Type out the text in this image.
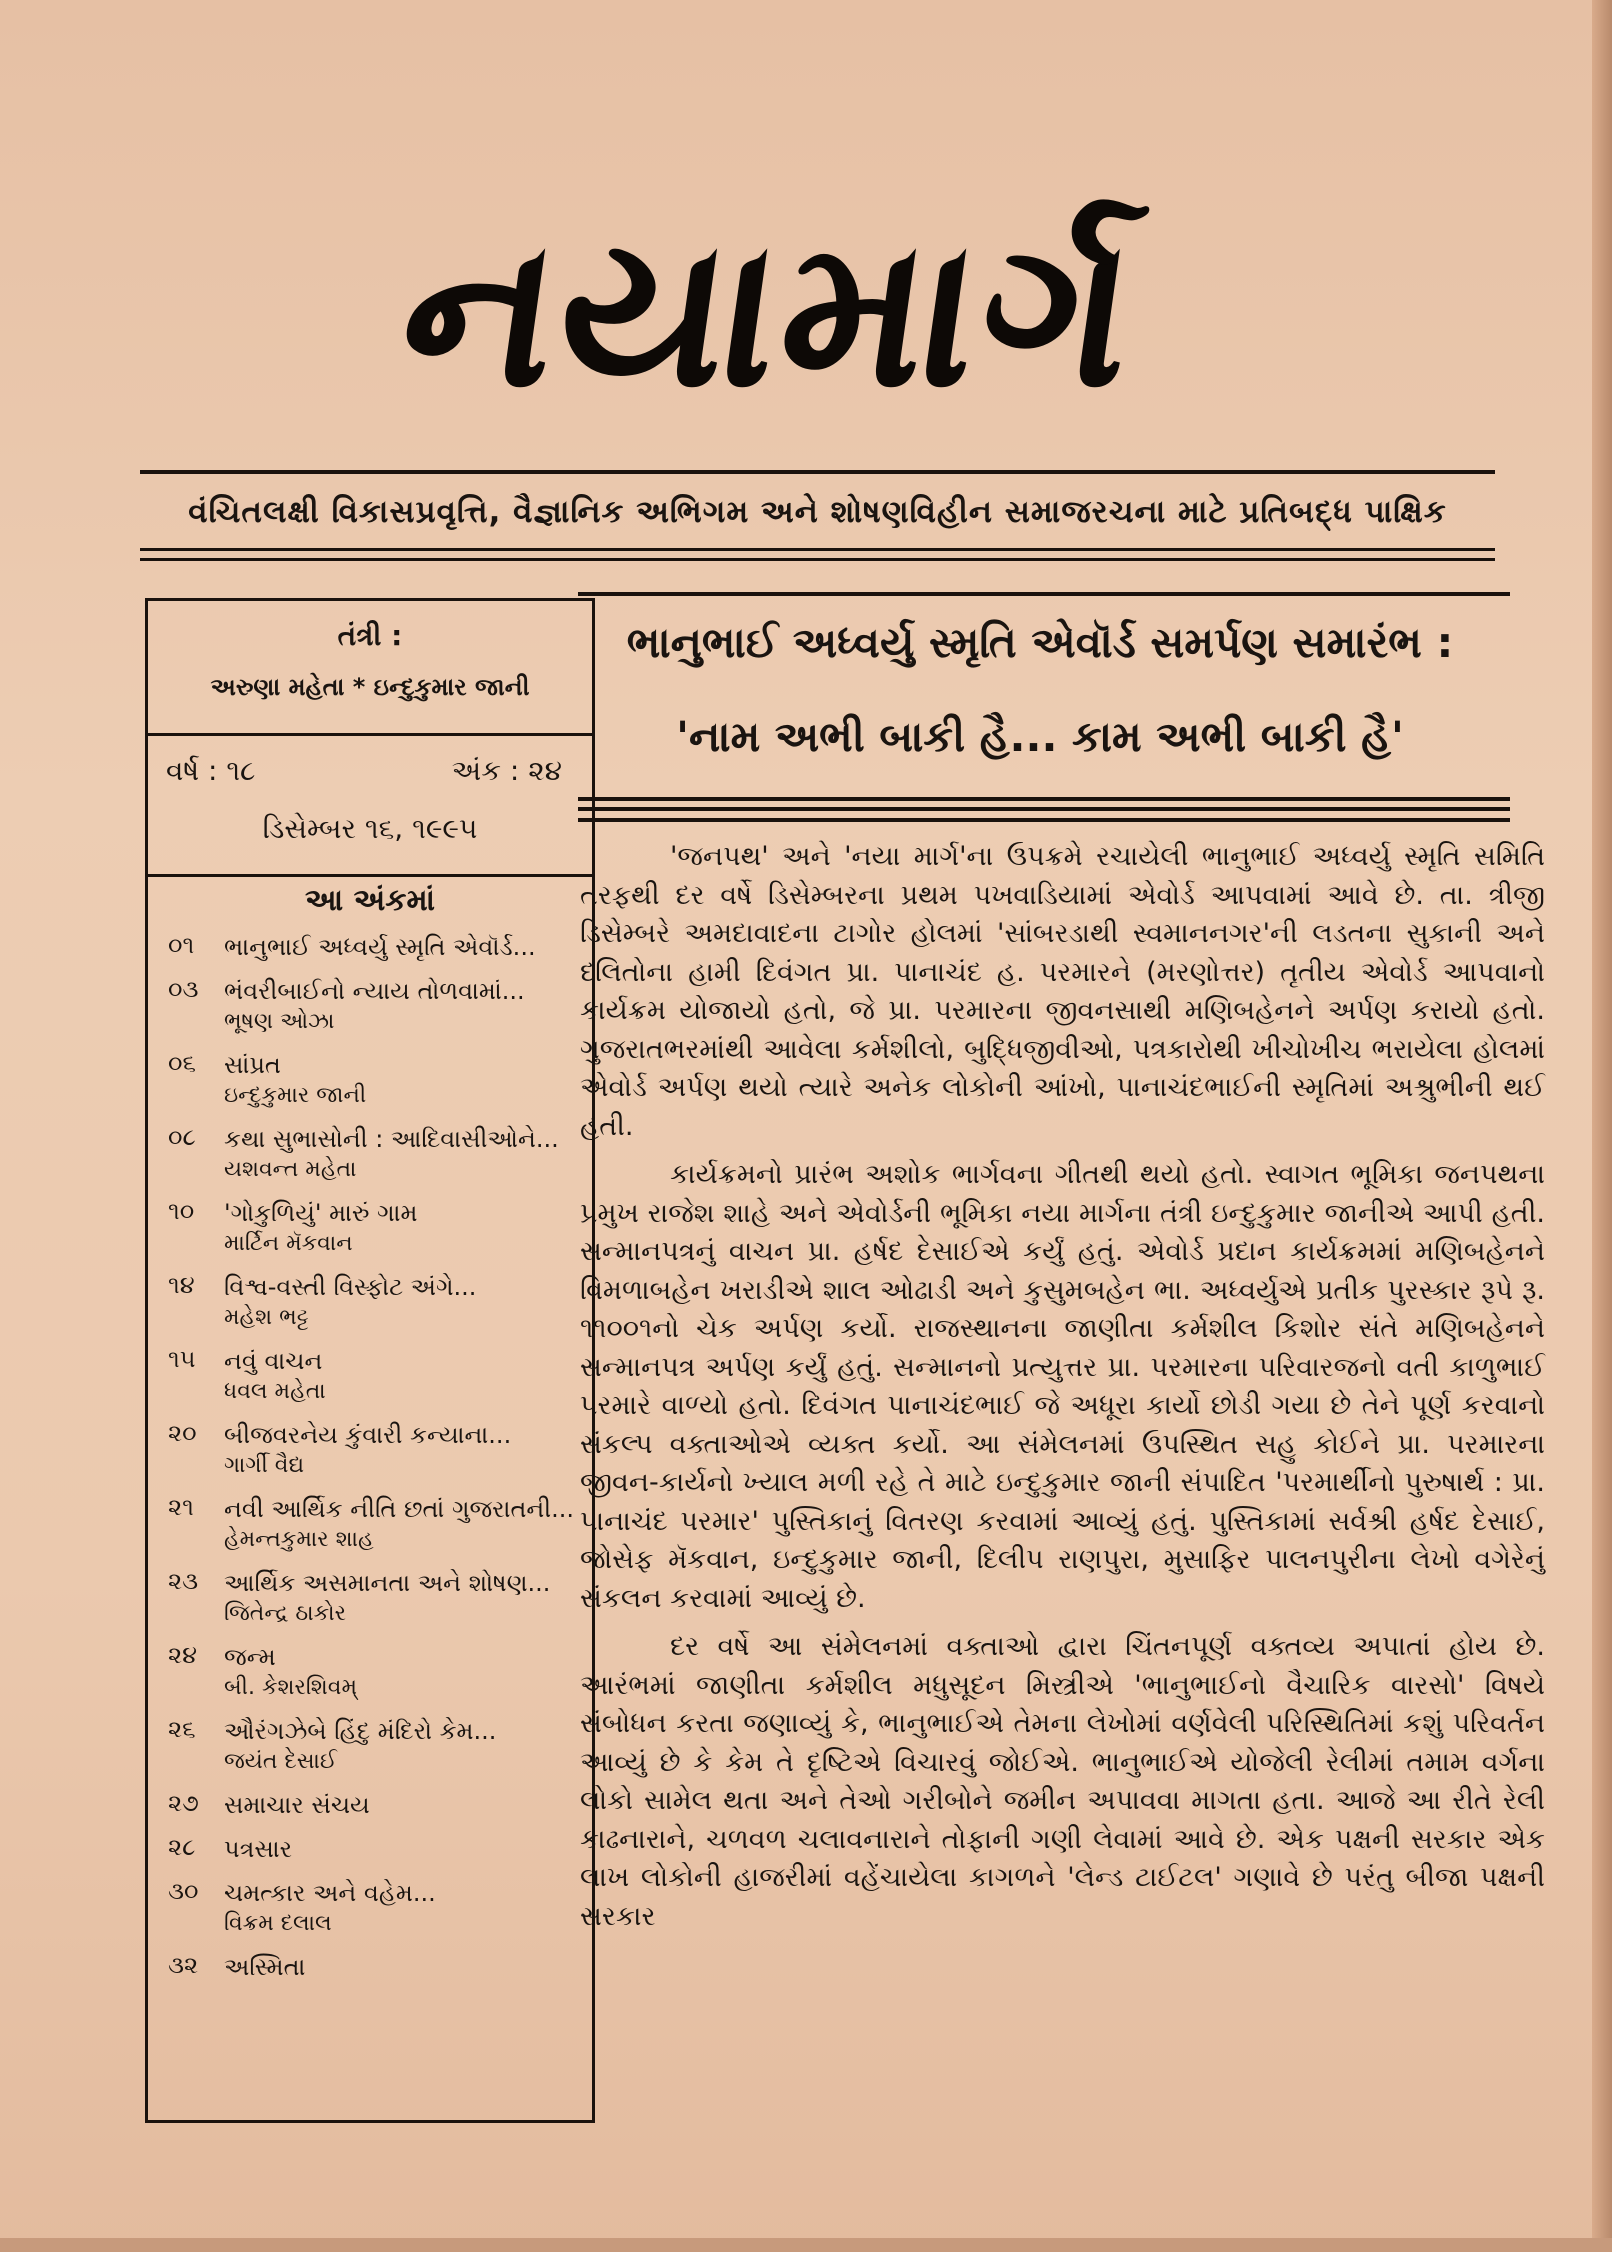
નયામાર્ગ
વંચિતલક્ષી વિકાસપ્રવૃત્તિ, વૈજ્ઞાનિક અભિગમ અને શોષણવિહીન સમાજરચના માટે પ્રતિબદ્ધ પાક્ષિક
તંત્રી :
અરુણા મહેતા * ઇન્દુકુમાર જાની
વર્ષ : ૧૮	અંક : ૨૪
ડિસેમ્બર ૧૬, ૧૯૯૫
આ અંકમાં
૦૧	ભાનુભાઈ અધ્વર્યુ સ્મૃતિ એવૉર્ડ...
૦૩	ભંવરીબાઈનો ન્યાય તોળવામાં...
ભૂષણ ઓઝા
૦૬	સાંપ્રત
ઇન્દુકુમાર જાની
૦૮	કથા સુભાસોની : આદિવાસીઓને...
યશવન્ત મહેતા
૧૦	'ગોકુળિયું' મારું ગામ
માર્ટિન મૅકવાન
૧૪	વિશ્વ-વસ્તી વિસ્ફોટ અંગે...
મહેશ ભટ્ટ
૧૫	નવું વાચન
ધવલ મહેતા
૨૦	બીજવરનેય કુંવારી કન્યાના...
ગાર્ગી વૈદ્ય
૨૧	નવી આર્થિક નીતિ છતાં ગુજરાતની...
હેમન્તકુમાર શાહ
૨૩	આર્થિક અસમાનતા અને શોષણ...
જિતેન્દ્ર ઠાકોર
૨૪	જન્મ
બી. કેશરશિવમ્
૨૬	ઔરંગઝેબે હિંદુ મંદિરો કેમ...
જયંત દેસાઈ
૨૭	સમાચાર સંચય
૨૮	પત્રસાર
૩૦	ચમત્કાર અને વહેમ...
વિક્રમ દલાલ
૩૨	અસ્મિતા
ભાનુભાઈ અધ્વર્યુ સ્મૃતિ એવૉર્ડ સમર્પણ સમારંભ :
'નામ અભી બાકી હૈ... કામ અભી બાકી હૈ'

'જનપથ' અને 'નયા માર્ગ'ના ઉપક્રમે રચાયેલી ભાનુભાઈ અધ્વર્યુ સ્મૃતિ સમિતિ તરફથી દર વર્ષે ડિસેમ્બરના પ્રથમ પખવાડિયામાં એવોર્ડ આપવામાં આવે છે. તા. ત્રીજી ડિસેમ્બરે અમદાવાદના ટાગોર હોલમાં 'સાંબરડાથી સ્વમાનનગર'ની લડતના સુકાની અને દલિતોના હામી દિવંગત પ્રા. પાનાચંદ હ. પરમારને (મરણોત્તર) તૃતીય એવોર્ડ આપવાનો કાર્યક્રમ યોજાયો હતો, જે પ્રા. પરમારના જીવનસાથી મણિબહેનને અર્પણ કરાયો હતો. ગુજરાતભરમાંથી આવેલા કર્મશીલો, બુદ્ધિજીવીઓ, પત્રકારોથી ખીચોખીચ ભરાયેલા હોલમાં એવોર્ડ અર્પણ થયો ત્યારે અનેક લોકોની આંખો, પાનાચંદભાઈની સ્મૃતિમાં અશ્રુભીની થઈ હતી.

કાર્યક્રમનો પ્રારંભ અશોક ભાર્ગવના ગીતથી થયો હતો. સ્વાગત ભૂમિકા જનપથના પ્રમુખ રાજેશ શાહે અને એવોર્ડની ભૂમિકા નયા માર્ગના તંત્રી ઇન્દુકુમાર જાનીએ આપી હતી. સન્માનપત્રનું વાચન પ્રા. હર્ષદ દેસાઈએ કર્યું હતું. એવોર્ડ પ્રદાન કાર્યક્રમમાં મણિબહેનને વિમળાબહેન ખરાડીએ શાલ ઓઢાડી અને કુસુમબહેન ભા. અધ્વર્યુએ પ્રતીક પુરસ્કાર રૂપે રૂ. ૧૧૦૦૧નો ચેક અર્પણ કર્યો. રાજસ્થાનના જાણીતા કર્મશીલ કિશોર સંતે મણિબહેનને સન્માનપત્ર અર્પણ કર્યું હતું. સન્માનનો પ્રત્યુત્તર પ્રા. પરમારના પરિવારજનો વતી કાળુભાઈ પરમારે વાળ્યો હતો. દિવંગત પાનાચંદભાઈ જે અધૂરા કાર્યો છોડી ગયા છે તેને પૂર્ણ કરવાનો સંકલ્પ વક્તાઓએ વ્યક્ત કર્યો. આ સંમેલનમાં ઉપસ્થિત સહુ કોઈને પ્રા. પરમારના જીવન-કાર્યનો ખ્યાલ મળી રહે તે માટે ઇન્દુકુમાર જાની સંપાદિત 'પરમાર્થીનો પુરુષાર્થ : પ્રા. પાનાચંદ પરમાર' પુસ્તિકાનું વિતરણ કરવામાં આવ્યું હતું. પુસ્તિકામાં સર્વશ્રી હર્ષદ દેસાઈ, જોસેફ મૅકવાન, ઇન્દુકુમાર જાની, દિલીપ રાણપુરા, મુસાફિર પાલનપુરીના લેખો વગેરેનું સંકલન કરવામાં આવ્યું છે.

દર વર્ષે આ સંમેલનમાં વક્તાઓ દ્વારા ચિંતનપૂર્ણ વક્તવ્ય અપાતાં હોય છે. આરંભમાં જાણીતા કર્મશીલ મધુસૂદન મિસ્ત્રીએ 'ભાનુભાઈનો વૈચારિક વારસો' વિષયે સંબોધન કરતા જણાવ્યું કે, ભાનુભાઈએ તેમના લેખોમાં વર્ણવેલી પરિસ્થિતિમાં કશું પરિવર્તન આવ્યું છે કે કેમ તે દૃષ્ટિએ વિચારવું જોઈએ. ભાનુભાઈએ યોજેલી રેલીમાં તમામ વર્ગના લોકો સામેલ થતા અને તેઓ ગરીબોને જમીન અપાવવા માગતા હતા. આજે આ રીતે રેલી કાઢનારાને, ચળવળ ચલાવનારાને તોફાની ગણી લેવામાં આવે છે. એક પક્ષની સરકાર એક લાખ લોકોની હાજરીમાં વહેંચાયેલા કાગળને 'લેન્ડ ટાઈટલ' ગણાવે છે પરંતુ બીજા પક્ષની સરકાર
